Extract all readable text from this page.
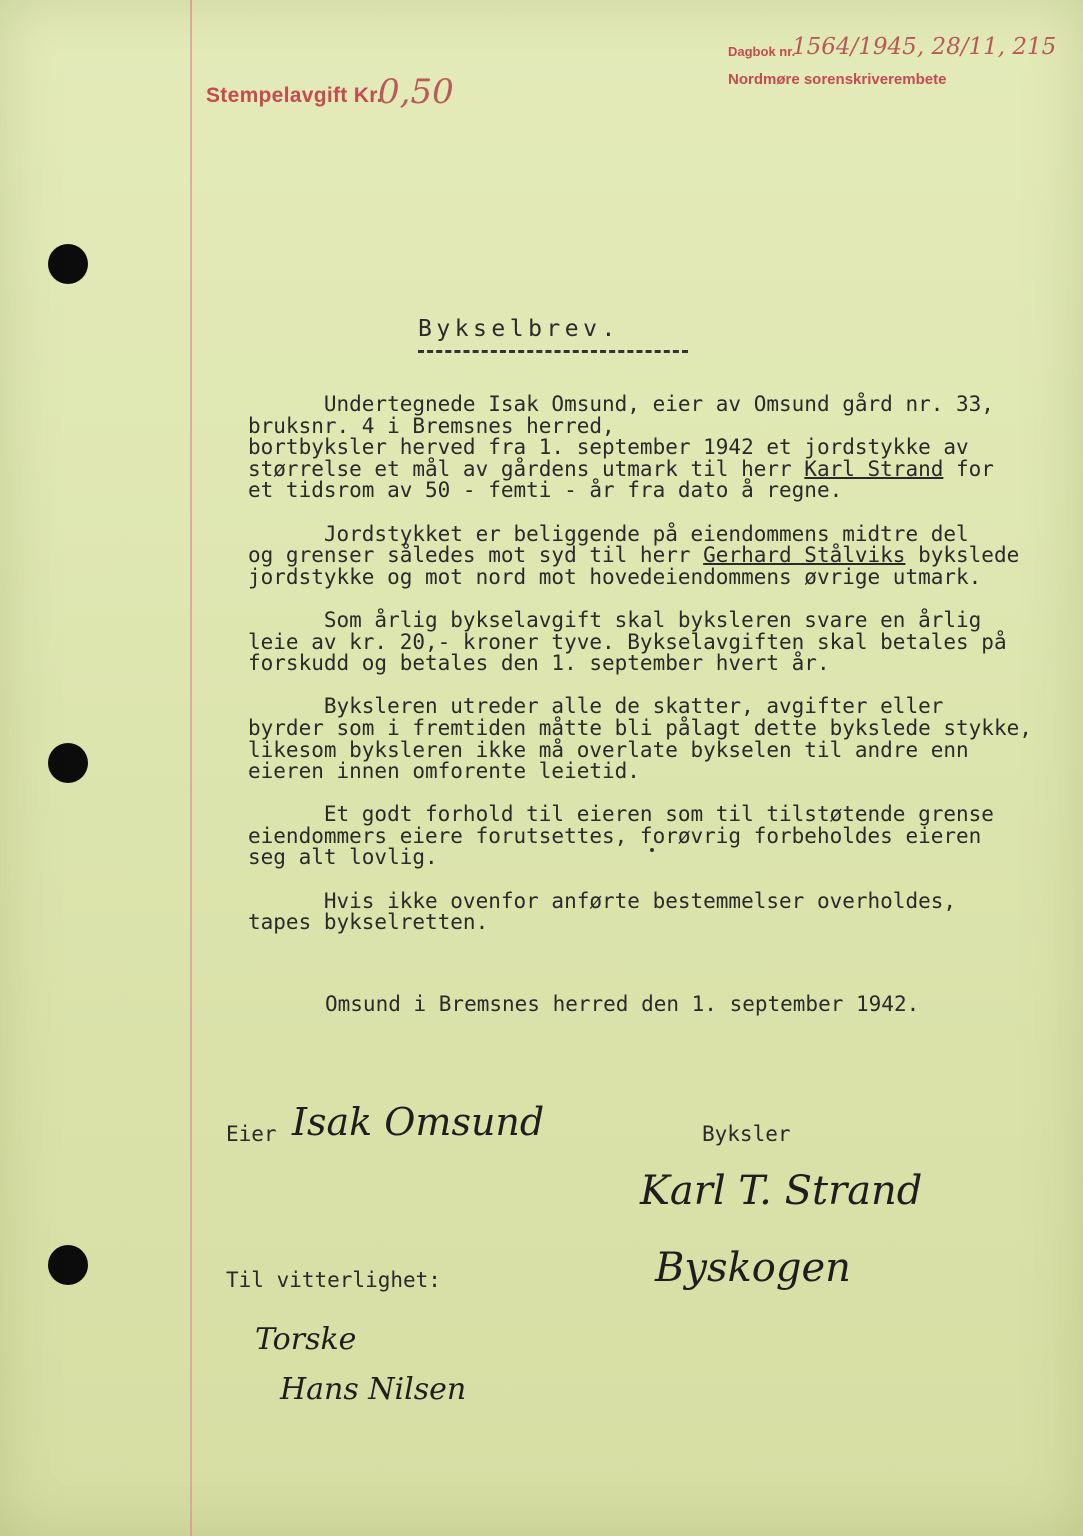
Stempelavgift Kr.
0,50
Dagbok nr.
1564/1945, 28/11, 215
Nordmøre sorenskriverembete
Bykselbrev.

Undertegnede Isak Omsund, eier av Omsund gård nr. 33,
bruksnr. 4 i Bremsnes herred,
bortbyksler herved fra 1. september 1942 et jordstykke av
størrelse et mål av gårdens utmark til herr Karl Strand for
et tidsrom av 50 - femti - år fra dato å regne.

Jordstykket er beliggende på eiendommens midtre del
og grenser således mot syd til herr Gerhard Stålviks bykslede
jordstykke og mot nord mot hovedeiendommens øvrige utmark.

Som årlig bykselavgift skal byksleren svare en årlig
leie av kr. 20,- kroner tyve. Bykselavgiften skal betales på
forskudd og betales den 1. september hvert år.

Byksleren utreder alle de skatter, avgifter eller
byrder som i fremtiden måtte bli pålagt dette bykslede stykke,
likesom byksleren ikke må overlate bykselen til andre enn
eieren innen omforente leietid.

Et godt forhold til eieren som til tilstøtende grense
eiendommers eiere forutsettes, forøvrig forbeholdes eieren
seg alt lovlig.

Hvis ikke ovenfor anførte bestemmelser overholdes,
tapes bykselretten.

Omsund i Bremsnes herred den 1. september 1942.
Eier Isak Omsund	Byksler
Karl T. Strand
Byskogen
Til vitterlighet:
Torske
Hans Nilsen
